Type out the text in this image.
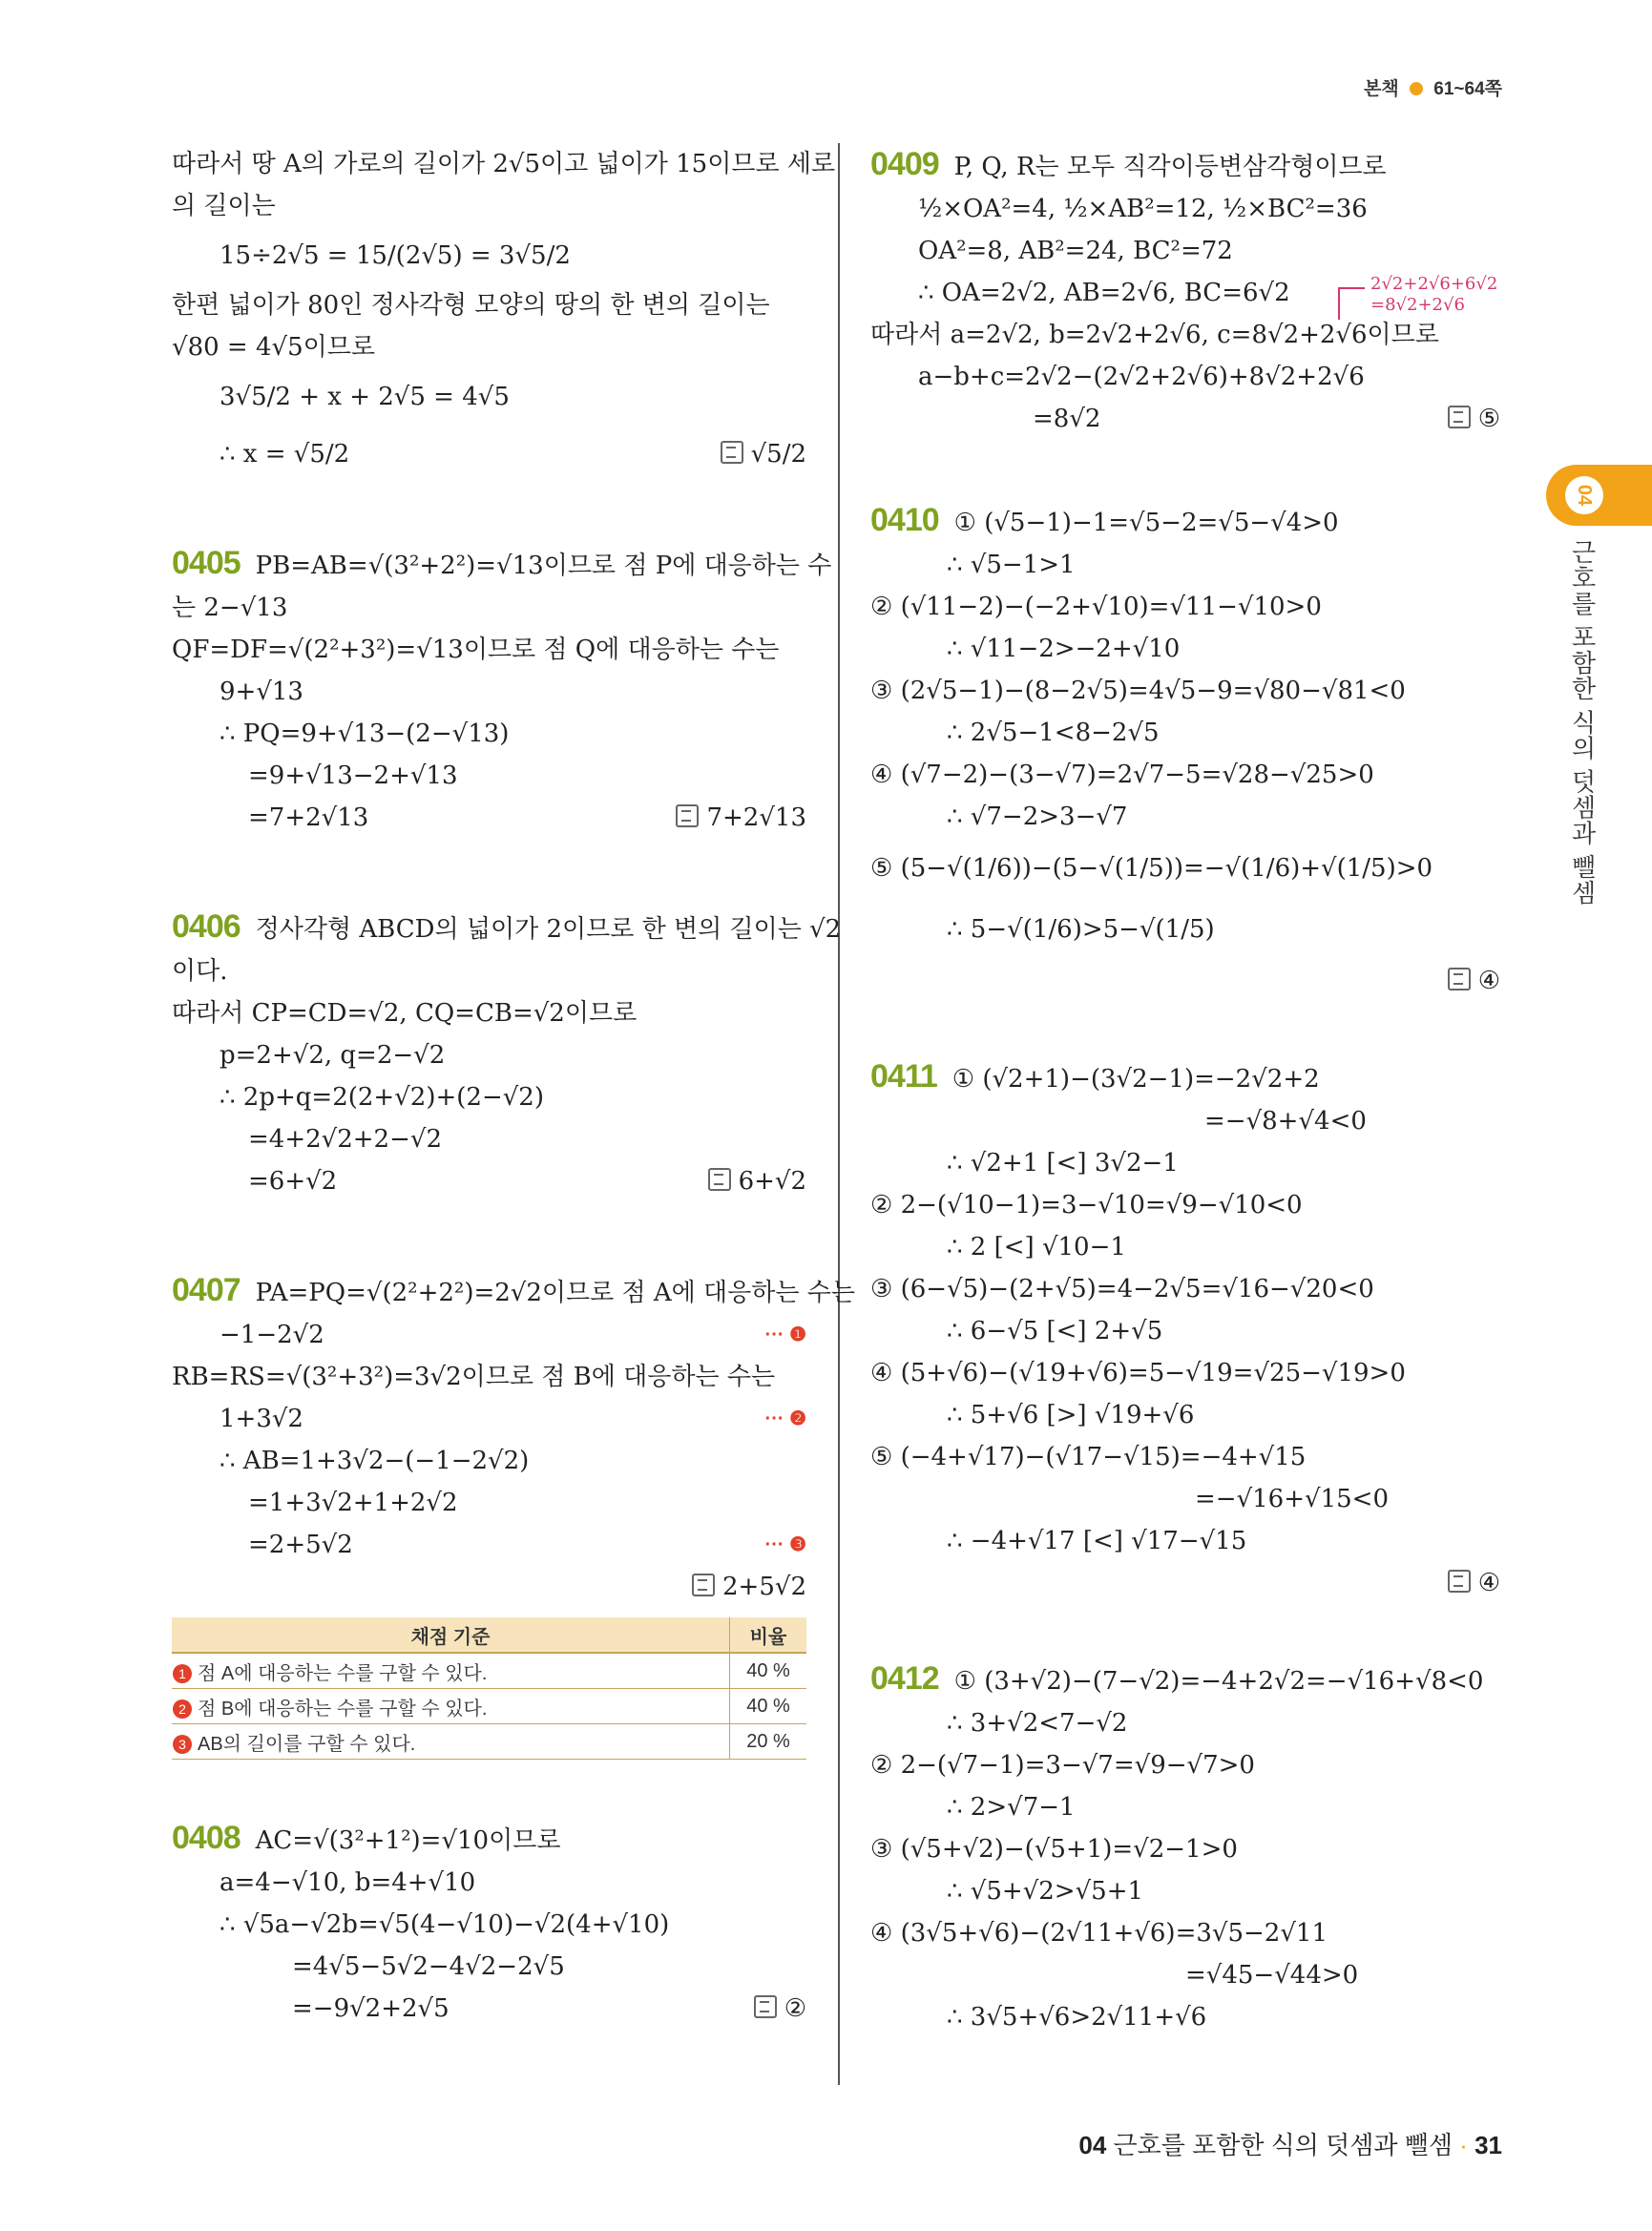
본책 61~64쪽
04
근호를 포함한 식의 덧셈과 뺄셈
따라서 땅 A의 가로의 길이가 2√5이고 넓이가 15이므로 세로
의 길이는
15÷2√5 = 15/(2√5) = 3√5/2
한편 넓이가 80인 정사각형 모양의 땅의 한 변의 길이는
√80 = 4√5이므로
3√5/2 + x + 2√5 = 4√5
∴ x = √5/2	√5/2
0405 PB=AB=√(3²+2²)=√13이므로 점 P에 대응하는 수
는 2−√13
QF=DF=√(2²+3²)=√13이므로 점 Q에 대응하는 수는
9+√13
∴ PQ=9+√13−(2−√13)
=9+√13−2+√13
=7+2√13	7+2√13
0406 정사각형 ABCD의 넓이가 2이므로 한 변의 길이는 √2
이다.
따라서 CP=CD=√2, CQ=CB=√2이므로
p=2+√2, q=2−√2
∴ 2p+q=2(2+√2)+(2−√2)
=4+2√2+2−√2
=6+√2	6+√2
0407 PA=PQ=√(2²+2²)=2√2이므로 점 A에 대응하는 수는
−1−2√2	··· ❶
RB=RS=√(3²+3²)=3√2이므로 점 B에 대응하는 수는
1+3√2	··· ❷
∴ AB=1+3√2−(−1−2√2)
=1+3√2+1+2√2
=2+5√2	··· ❸
2+5√2
채점 기준	비율
1 점 A에 대응하는 수를 구할 수 있다.	40 %
2 점 B에 대응하는 수를 구할 수 있다.	40 %
3 AB의 길이를 구할 수 있다.	20 %
0408 AC=√(3²+1²)=√10이므로
a=4−√10, b=4+√10
∴ √5a−√2b=√5(4−√10)−√2(4+√10)
=4√5−5√2−4√2−2√5
=−9√2+2√5	②
0409 P, Q, R는 모두 직각이등변삼각형이므로
½×OA²=4, ½×AB²=12, ½×BC²=36
OA²=8, AB²=24, BC²=72
∴ OA=2√2, AB=2√6, BC=6√2	2√2+2√6+6√2
=8√2+2√6
따라서 a=2√2, b=2√2+2√6, c=8√2+2√6이므로
a−b+c=2√2−(2√2+2√6)+8√2+2√6
=8√2	⑤
0410 ① (√5−1)−1=√5−2=√5−√4>0
∴ √5−1>1
② (√11−2)−(−2+√10)=√11−√10>0
∴ √11−2>−2+√10
③ (2√5−1)−(8−2√5)=4√5−9=√80−√81<0
∴ 2√5−1<8−2√5
④ (√7−2)−(3−√7)=2√7−5=√28−√25>0
∴ √7−2>3−√7
⑤ (5−√(1/6))−(5−√(1/5))=−√(1/6)+√(1/5)>0
∴ 5−√(1/6)>5−√(1/5)
④
0411 ① (√2+1)−(3√2−1)=−2√2+2
=−√8+√4<0
∴ √2+1 [<] 3√2−1
② 2−(√10−1)=3−√10=√9−√10<0
∴ 2 [<] √10−1
③ (6−√5)−(2+√5)=4−2√5=√16−√20<0
∴ 6−√5 [<] 2+√5
④ (5+√6)−(√19+√6)=5−√19=√25−√19>0
∴ 5+√6 [>] √19+√6
⑤ (−4+√17)−(√17−√15)=−4+√15
=−√16+√15<0
∴ −4+√17 [<] √17−√15
④
0412 ① (3+√2)−(7−√2)=−4+2√2=−√16+√8<0
∴ 3+√2<7−√2
② 2−(√7−1)=3−√7=√9−√7>0
∴ 2>√7−1
③ (√5+√2)−(√5+1)=√2−1>0
∴ √5+√2>√5+1
④ (3√5+√6)−(2√11+√6)=3√5−2√11
=√45−√44>0
∴ 3√5+√6>2√11+√6
04 근호를 포함한 식의 덧셈과 뺄셈 · 31
